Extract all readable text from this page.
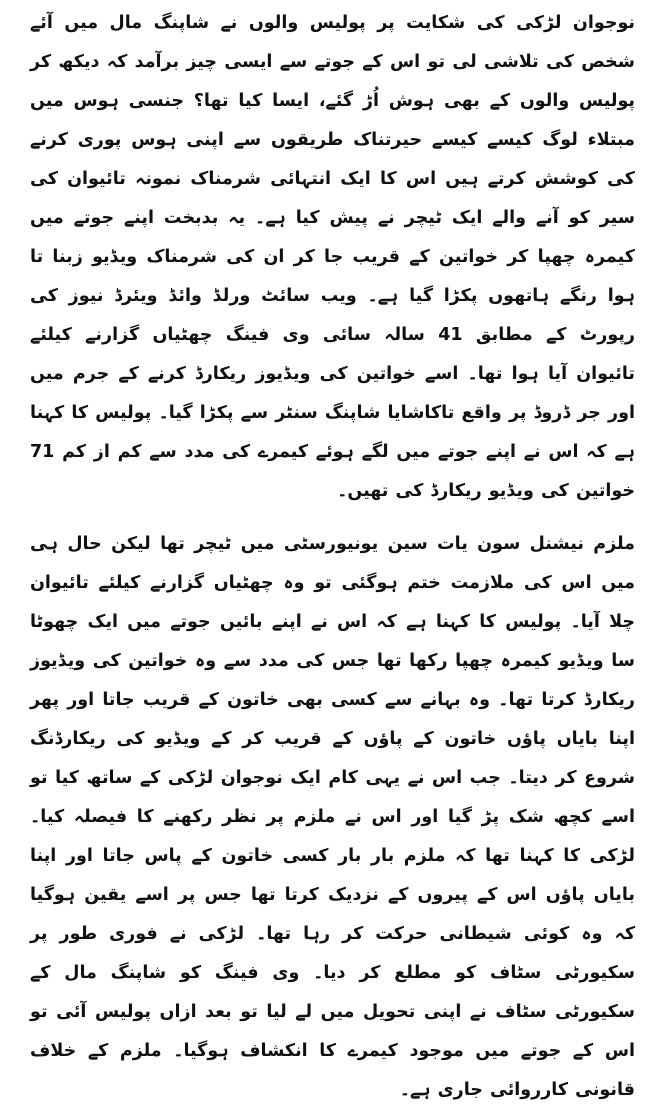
نوجوان لڑکی کی شکایت پر پولیس والوں نے شاپنگ مال میں آئے شخص کی تلاشی لی تو اس کے جوتے سے ایسی چیز برآمد کہ دیکھ کر پولیس والوں کے بھی ہوش اُڑ گئے، ایسا کیا تھا؟ جنسی ہوس میں مبتلاء لوگ کیسے کیسے حیرتناک طریقوں سے اپنی ہوس پوری کرنے کی کوشش کرتے ہیں اس کا ایک انتہائی شرمناک نمونہ تائیوان کی سیر کو آنے والے ایک ٹیچر نے پیش کیا ہے۔ یہ بدبخت اپنے جوتے میں کیمرہ چھپا کر خواتین کے قریب جا کر ان کی شرمناک ویڈیو زبنا تا ہوا رنگے ہاتھوں پکڑا گیا ہے۔ ویب سائٹ ورلڈ وائڈ ویئرڈ نیوز کی رپورٹ کے مطابق 41 سالہ سائی وی فینگ چھٹیاں گزارنے کیلئے تائیوان آیا ہوا تھا۔ اسے خواتین کی ویڈیوز ریکارڈ کرنے کے جرم میں اور جر ڈروڈ پر واقع تاکاشایا شاپنگ سنٹر سے پکڑا گیا۔ پولیس کا کہنا ہے کہ اس نے اپنے جوتے میں لگے ہوئے کیمرے کی مدد سے کم از کم 71 خواتین کی ویڈیو ریکارڈ کی تھیں۔

ملزم نیشنل سون یات سین یونیورسٹی میں ٹیچر تھا لیکن حال ہی میں اس کی ملازمت ختم ہوگئی تو وہ چھٹیاں گزارنے کیلئے تائیوان چلا آیا۔ پولیس کا کہنا ہے کہ اس نے اپنے بائیں جوتے میں ایک چھوٹا سا ویڈیو کیمرہ چھپا رکھا تھا جس کی مدد سے وہ خواتین کی ویڈیوز ریکارڈ کرتا تھا۔ وہ بہانے سے کسی بھی خاتون کے قریب جاتا اور پھر اپنا بایاں پاؤں خاتون کے پاؤں کے قریب کر کے ویڈیو کی ریکارڈنگ شروع کر دیتا۔ جب اس نے یہی کام ایک نوجوان لڑکی کے ساتھ کیا تو اسے کچھ شک پڑ گیا اور اس نے ملزم پر نظر رکھنے کا فیصلہ کیا۔ لڑکی کا کہنا تھا کہ ملزم بار بار کسی خاتون کے پاس جاتا اور اپنا بایاں پاؤں اس کے پیروں کے نزدیک کرتا تھا جس پر اسے یقین ہوگیا کہ وہ کوئی شیطانی حرکت کر رہا تھا۔ لڑکی نے فوری طور پر سکیورٹی سٹاف کو مطلع کر دیا۔ وی فینگ کو شاپنگ مال کے سکیورٹی سٹاف نے اپنی تحویل میں لے لیا تو بعد ازاں پولیس آئی تو اس کے جوتے میں موجود کیمرے کا انکشاف ہوگیا۔ ملزم کے خلاف قانونی کارروائی جاری ہے۔
